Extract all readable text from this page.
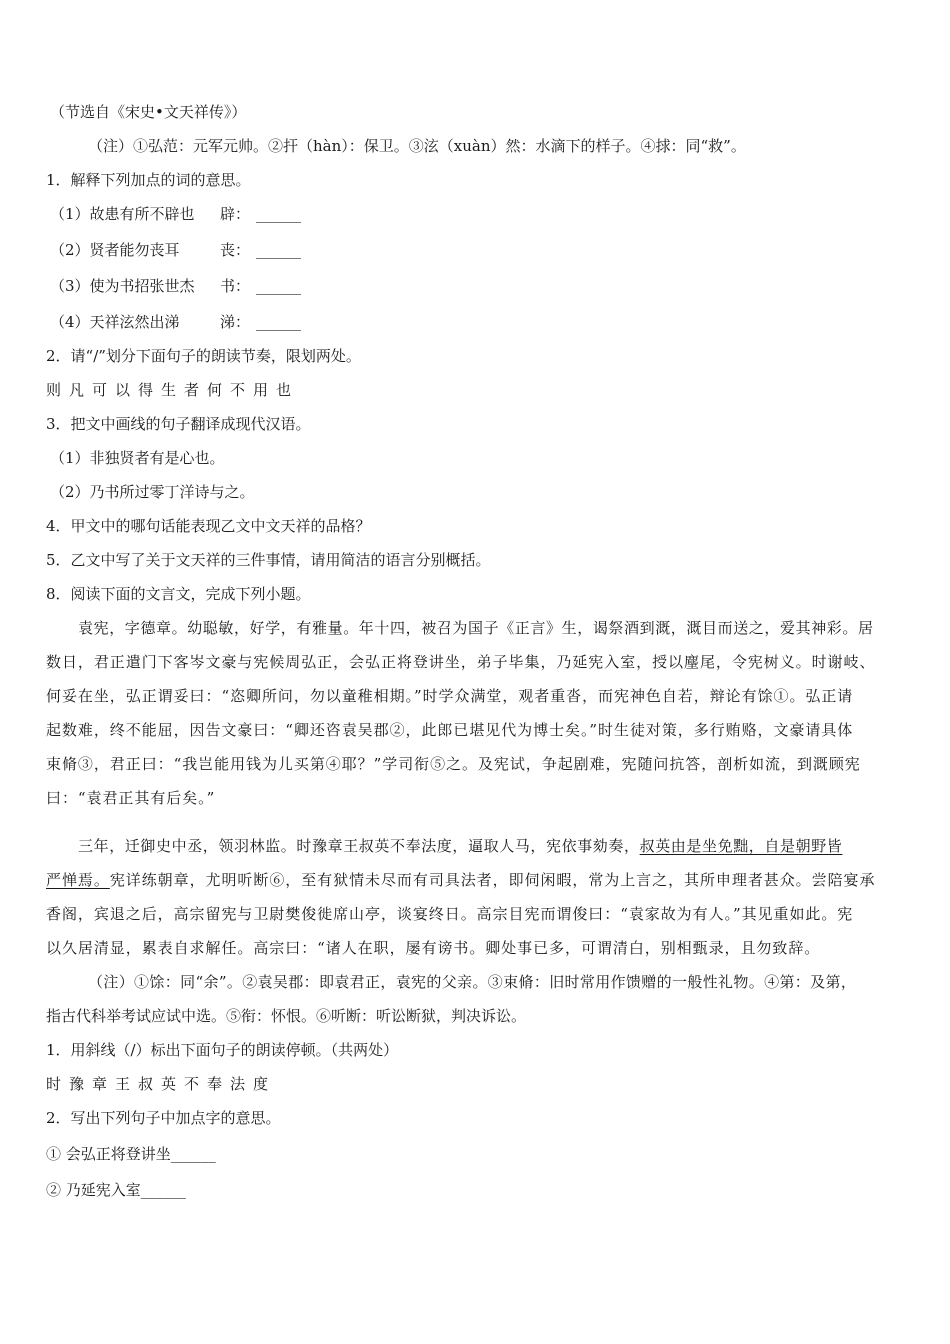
（节选自《宋史•文天祥传》）
（注）①弘范：元军元帅。②扞（hàn）：保卫。③泫（xuàn）然：水滴下的样子。④捄：同“救”。
1．解释下列加点的词的意思。
（1）故患有所不辟也 辟： ______
（2）贤者能勿丧耳	丧： ______
（3）使为书招张世杰 书： ______
（4）天祥泫然出涕	涕： ______
2．请“/”划分下面句子的朗读节奏，限划两处。
则凡可以得生者何不用也
3．把文中画线的句子翻译成现代汉语。
（1）非独贤者有是心也。
（2）乃书所过零丁洋诗与之。
4．甲文中的哪句话能表现乙文中文天祥的品格？
5．乙文中写了关于文天祥的三件事情，请用简洁的语言分别概括。
8．阅读下面的文言文，完成下列小题。
袁宪，字德章。幼聪敏，好学，有雅量。年十四，被召为国子《正言》生，谒祭酒到溉，溉目而送之，爱其神彩。居
数日，君正遣门下客岑文豪与宪候周弘正，会弘正将登讲坐，弟子毕集，乃延宪入室，授以麈尾，令宪树义。时谢岐、
何妥在坐，弘正谓妥曰：“恣卿所问，勿以童稚相期。”时学众满堂，观者重沓，而宪神色自若，辩论有馀①。弘正请
起数难，终不能屈，因告文豪曰：“卿还咨袁吴郡②，此郎已堪见代为博士矣。”时生徒对策，多行贿赂，文豪请具体
束脩③，君正曰：“我岂能用钱为儿买第④耶？”学司衔⑤之。及宪试，争起剧难，宪随问抗答，剖析如流，到溉顾宪
曰：“袁君正其有后矣。”
三年，迁御史中丞，领羽林监。时豫章王叔英不奉法度，逼取人马，宪依事劾奏，叔英由是坐免黜，自是朝野皆
严惮焉。宪详练朝章，尤明听断⑥，至有狱情未尽而有司具法者，即伺闲暇，常为上言之，其所申理者甚众。尝陪宴承
香阁，宾退之后，高宗留宪与卫尉樊俊徙席山亭，谈宴终日。高宗目宪而谓俊曰：“袁家故为有人。”其见重如此。宪
以久居清显，累表自求解任。高宗曰：“诸人在职，屡有谤书。卿处事已多，可谓清白，别相甄录，且勿致辞。
（注）①馀：同“余”。②袁吴郡：即袁君正，袁宪的父亲。③束脩：旧时常用作馈赠的一般性礼物。④第：及第，
指古代科举考试应试中选。⑤衔：怀恨。⑥听断：听讼断狱，判决诉讼。
1．用斜线（/）标出下面句子的朗读停顿。（共两处）
时豫章王叔英不奉法度
2．写出下列句子中加点字的意思。
① 会弘正将登讲坐______
② 乃延宪入室______
